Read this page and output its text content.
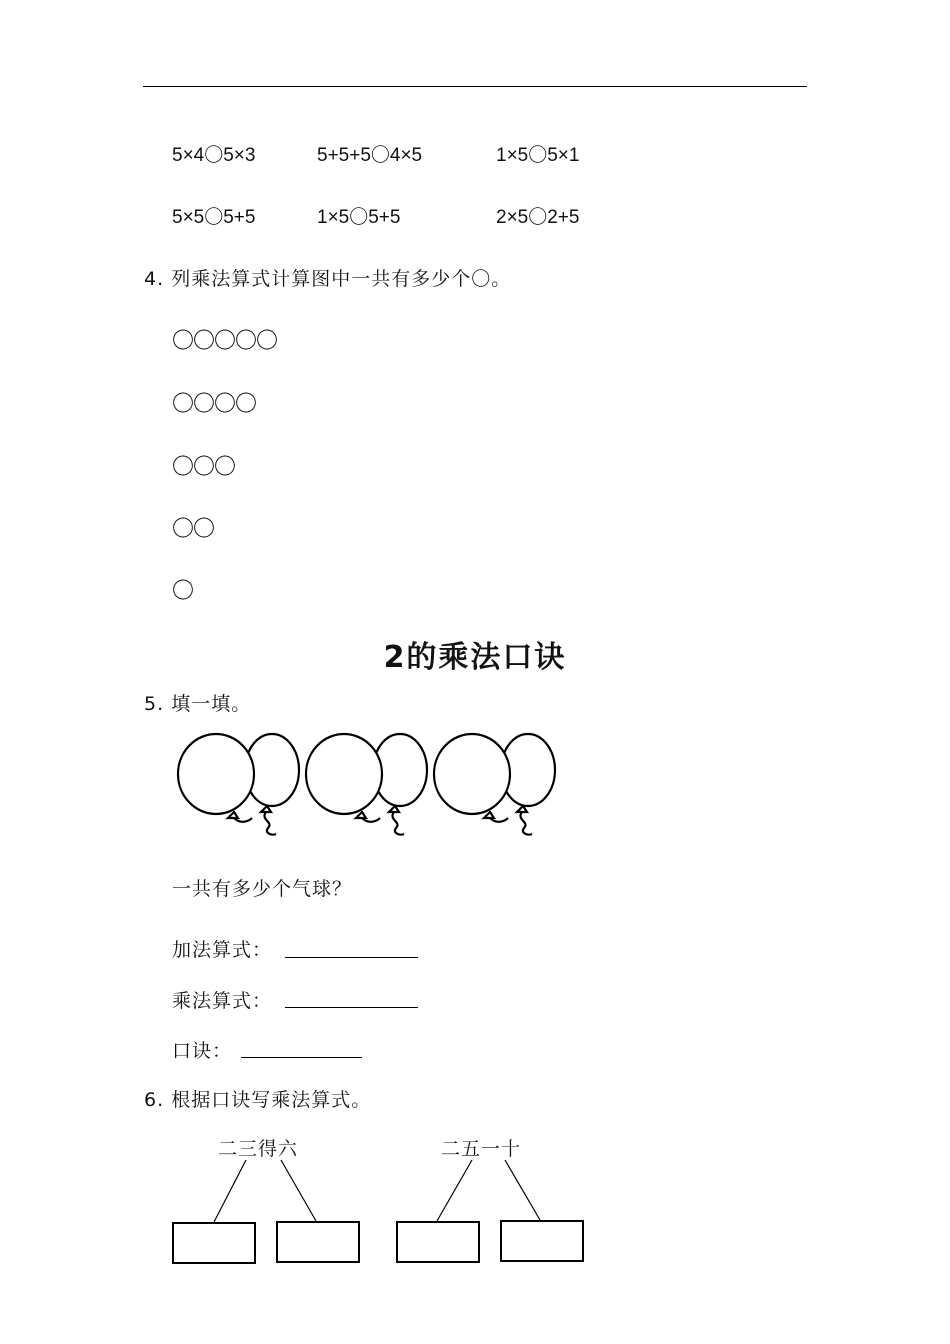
5×4〇5×3	5+5+5〇4×5	1×5〇5×1
5×5〇5+5	1×5〇5+5	2×5〇2+5
4. 列乘法算式计算图中一共有多少个〇。
〇〇〇〇〇
〇〇〇〇
〇〇〇
〇〇
〇
2的乘法口诀
5. 填一填。
一共有多少个气球？
加法算式：
乘法算式：
口诀：
6. 根据口诀写乘法算式。
二三得六	二五一十
